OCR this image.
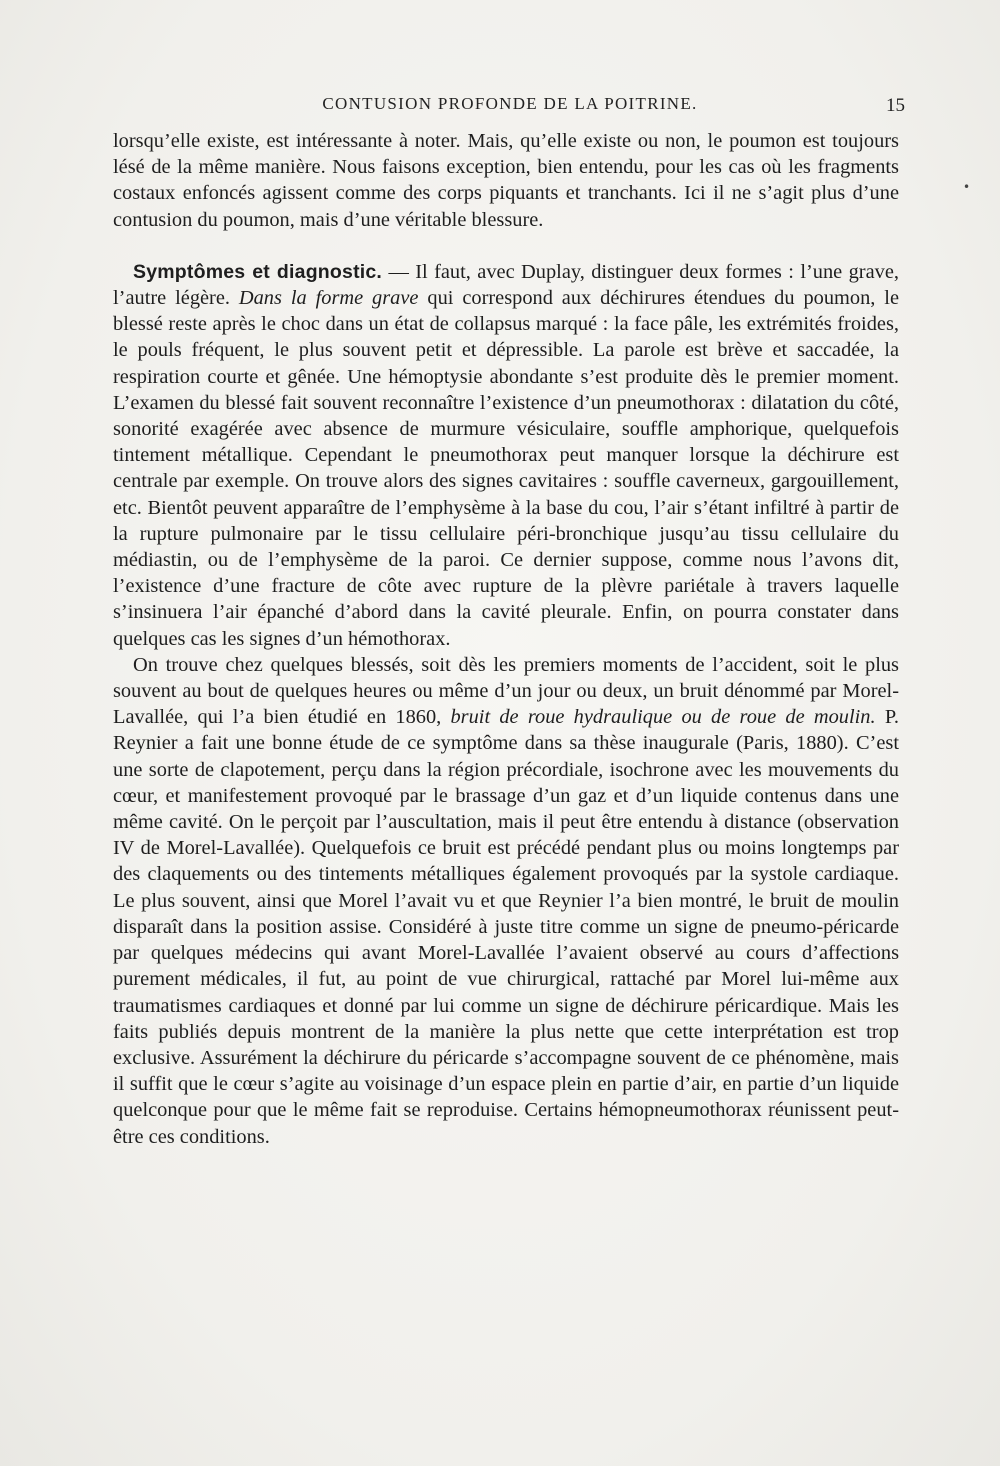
CONTUSION PROFONDE DE LA POITRINE.	15
•

lorsqu’elle existe, est intéressante à noter. Mais, qu’elle existe ou non, le poumon est toujours lésé de la même manière. Nous faisons exception, bien entendu, pour les cas où les fragments costaux enfoncés agissent comme des corps piquants et tranchants. Ici il ne s’agit plus d’une contusion du poumon, mais d’une véritable blessure.

Symptômes et diagnostic. — Il faut, avec Duplay, distinguer deux formes : l’une grave, l’autre légère. Dans la forme grave qui correspond aux déchirures étendues du poumon, le blessé reste après le choc dans un état de collapsus marqué : la face pâle, les extrémités froides, le pouls fréquent, le plus souvent petit et dépressible. La parole est brève et saccadée, la respiration courte et gênée. Une hémoptysie abondante s’est produite dès le premier moment. L’examen du blessé fait souvent reconnaître l’existence d’un pneumothorax : dilatation du côté, sonorité exagérée avec absence de murmure vésiculaire, souffle amphorique, quelquefois tintement métallique. Cependant le pneumothorax peut manquer lorsque la déchirure est centrale par exemple. On trouve alors des signes cavitaires : souffle caverneux, gargouillement, etc. Bientôt peuvent apparaître de l’emphysème à la base du cou, l’air s’étant infiltré à partir de la rupture pulmonaire par le tissu cellulaire péri-bronchique jusqu’au tissu cellulaire du médiastin, ou de l’emphysème de la paroi. Ce dernier suppose, comme nous l’avons dit, l’existence d’une fracture de côte avec rupture de la plèvre pariétale à travers laquelle s’insinuera l’air épanché d’abord dans la cavité pleurale. Enfin, on pourra constater dans quelques cas les signes d’un hémothorax.

On trouve chez quelques blessés, soit dès les premiers moments de l’accident, soit le plus souvent au bout de quelques heures ou même d’un jour ou deux, un bruit dénommé par Morel-Lavallée, qui l’a bien étudié en 1860, bruit de roue hydraulique ou de roue de moulin. P. Reynier a fait une bonne étude de ce symptôme dans sa thèse inaugurale (Paris, 1880). C’est une sorte de clapotement, perçu dans la région précordiale, isochrone avec les mouvements du cœur, et manifestement provoqué par le brassage d’un gaz et d’un liquide contenus dans une même cavité. On le perçoit par l’auscultation, mais il peut être entendu à distance (observation IV de Morel-Lavallée). Quelquefois ce bruit est précédé pendant plus ou moins longtemps par des claquements ou des tintements métalliques également provoqués par la systole cardiaque. Le plus souvent, ainsi que Morel l’avait vu et que Reynier l’a bien montré, le bruit de moulin disparaît dans la position assise. Considéré à juste titre comme un signe de pneumo-péricarde par quelques médecins qui avant Morel-Lavallée l’avaient observé au cours d’affections purement médicales, il fut, au point de vue chirurgical, rattaché par Morel lui-même aux traumatismes cardiaques et donné par lui comme un signe de déchirure péricardique. Mais les faits publiés depuis montrent de la manière la plus nette que cette interprétation est trop exclusive. Assurément la déchirure du péricarde s’accompagne souvent de ce phénomène, mais il suffit que le cœur s’agite au voisinage d’un espace plein en partie d’air, en partie d’un liquide quelconque pour que le même fait se reproduise. Certains hémopneumothorax réunissent peut-être ces conditions.
